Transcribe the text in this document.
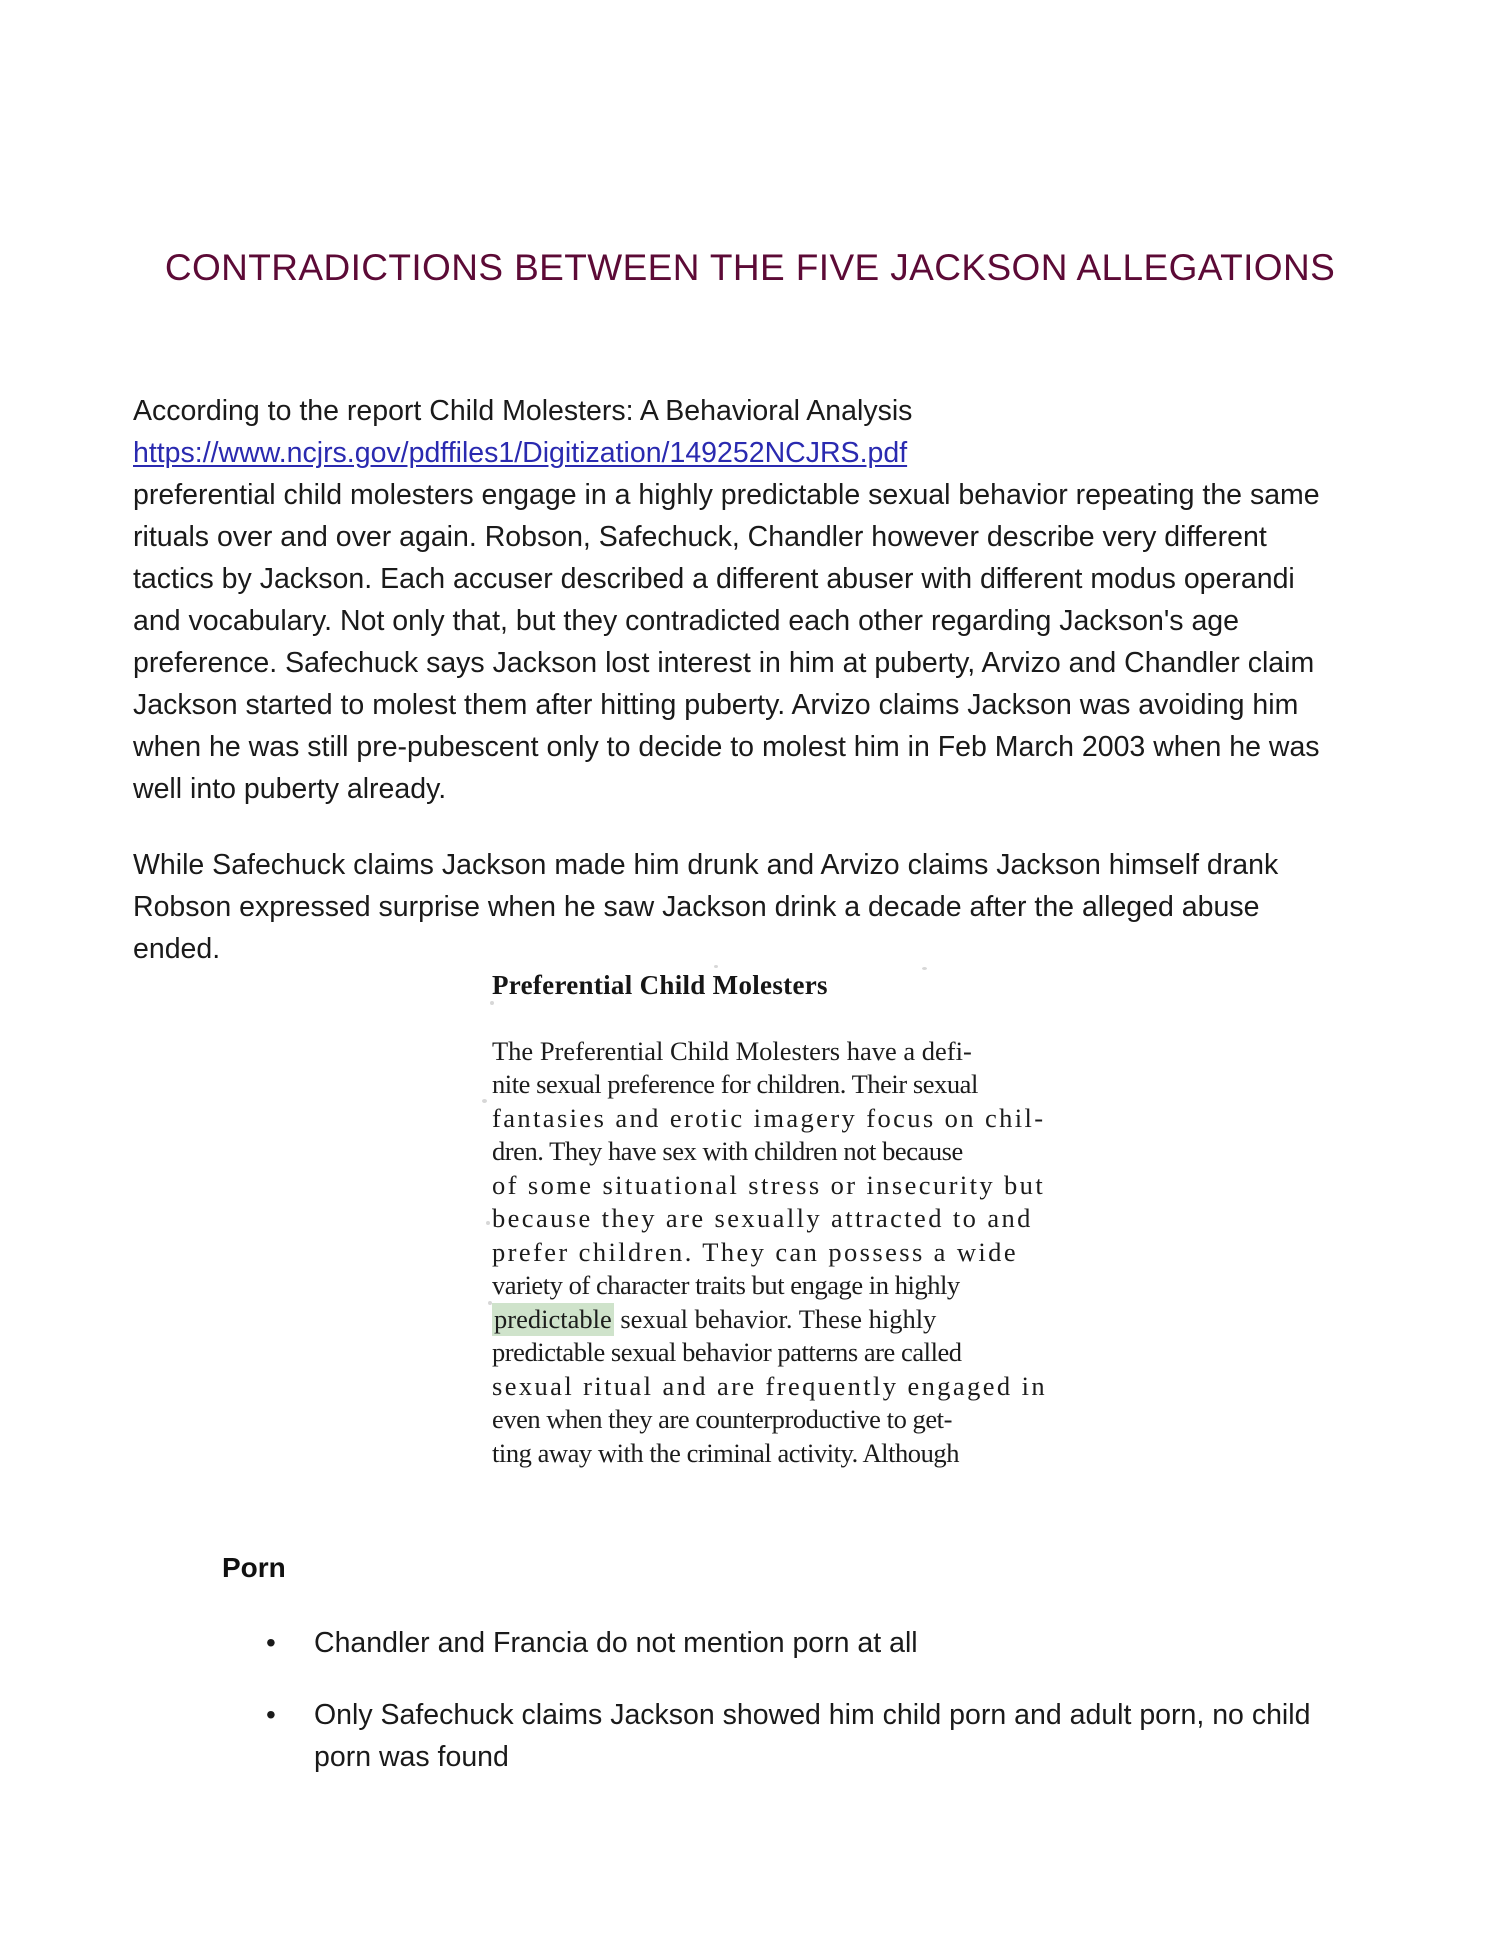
CONTRADICTIONS BETWEEN THE FIVE JACKSON ALLEGATIONS

According to the report Child Molesters: A Behavioral Analysis
https://www.ncjrs.gov/pdffiles1/Digitization/149252NCJRS.pdf
preferential child molesters engage in a highly predictable sexual behavior repeating the same rituals over and over again. Robson, Safechuck, Chandler however describe very different tactics by Jackson. Each accuser described a different abuser with different modus operandi and vocabulary. Not only that, but they contradicted each other regarding Jackson's age preference. Safechuck says Jackson lost interest in him at puberty, Arvizo and Chandler claim Jackson started to molest them after hitting puberty. Arvizo claims Jackson was avoiding him when he was still pre-pubescent only to decide to molest him in Feb March 2003 when he was well into puberty already.

While Safechuck claims Jackson made him drunk and Arvizo claims Jackson himself drank Robson expressed surprise when he saw Jackson drink a decade after the alleged abuse ended.

Preferential Child Molesters
The Preferential Child Molesters have a defi-
nite sexual preference for children. Their sexual
fantasies and erotic imagery focus on chil-
dren. They have sex with children not because
of some situational stress or insecurity but
because they are sexually attracted to and
prefer children. They can possess a wide
variety of character traits but engage in highly
predictable sexual behavior. These highly
predictable sexual behavior patterns are called
sexual ritual and are frequently engaged in
even when they are counterproductive to get-
ting away with the criminal activity. Although
Porn
• Chandler and Francia do not mention porn at all
• Only Safechuck claims Jackson showed him child porn and adult porn, no child porn was found
